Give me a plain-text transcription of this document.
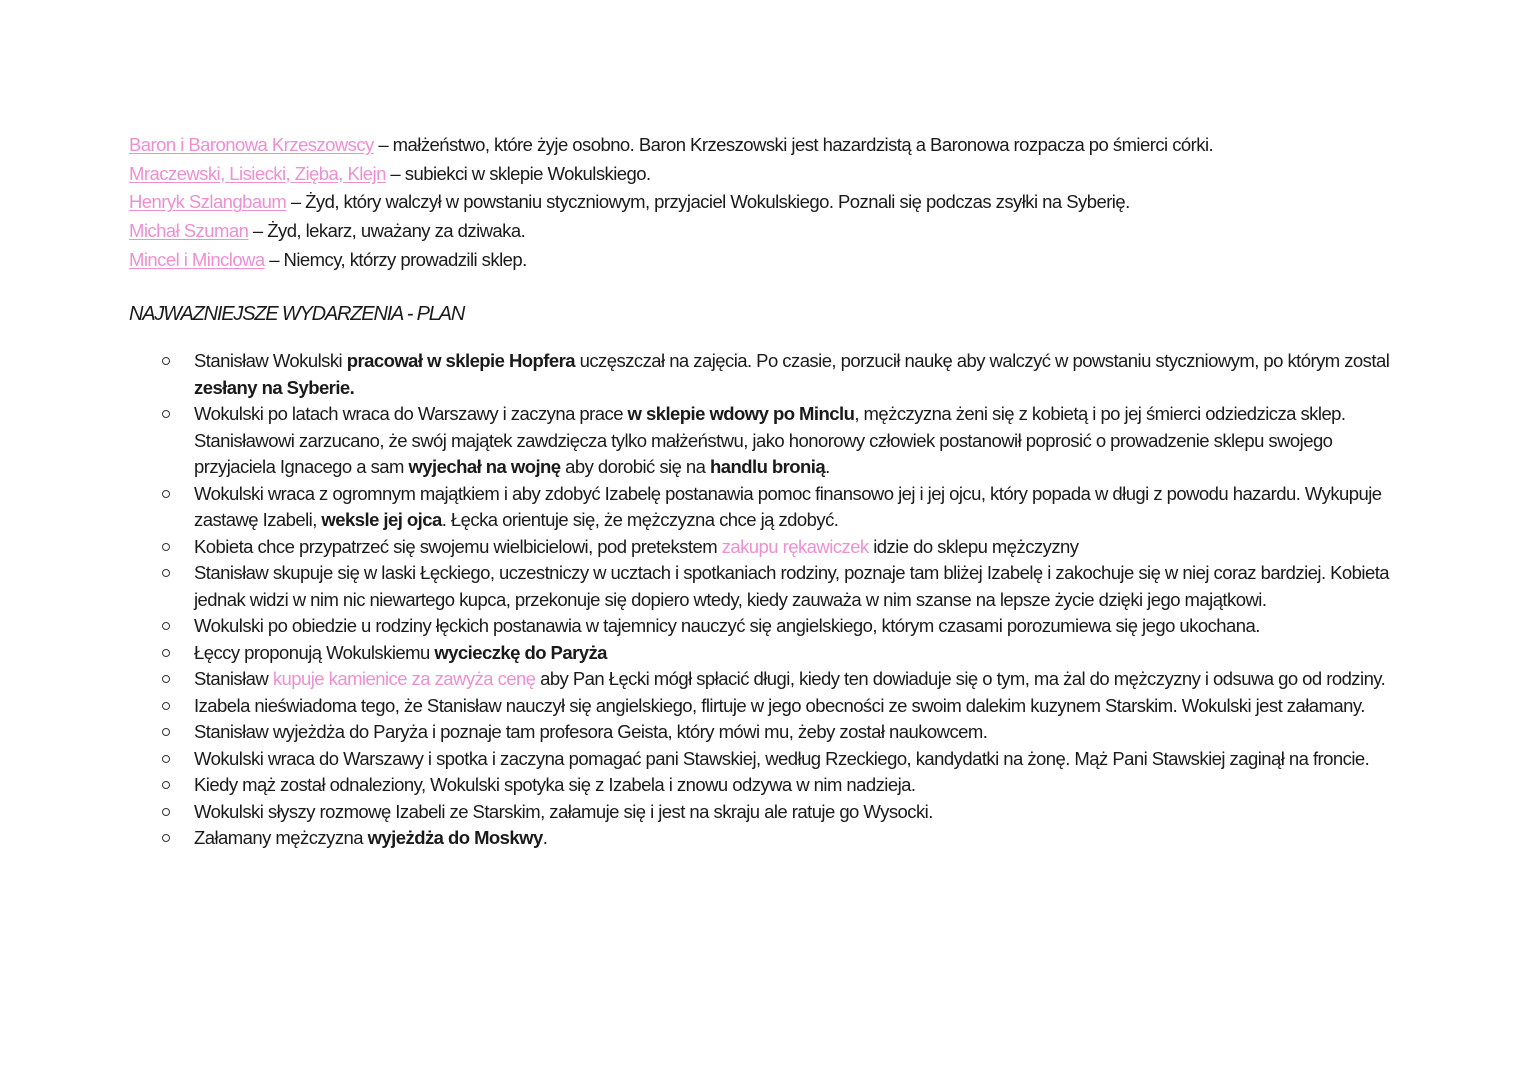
Baron i Baronowa Krzeszowscy – małżeństwo, które żyje osobno. Baron Krzeszowski jest hazardzistą a Baronowa rozpacza po śmierci córki.
Mraczewski, Lisiecki, Zięba, Klejn – subiekci w sklepie Wokulskiego.
Henryk Szlangbaum – Żyd, który walczył w powstaniu styczniowym, przyjaciel Wokulskiego. Poznali się podczas zsyłki na Syberię.
Michał Szuman – Żyd, lekarz, uważany za dziwaka.
Mincel i Minclowa – Niemcy, którzy prowadzili sklep.
NAJWAZNIEJSZE WYDARZENIA - PLAN
Stanisław Wokulski pracował w sklepie Hopfera uczęszczał na zajęcia. Po czasie, porzucił naukę aby walczyć w powstaniu styczniowym, po którym zostal zesłany na Syberie.
Wokulski po latach wraca do Warszawy i zaczyna prace w sklepie wdowy po Minclu, mężczyzna żeni się z kobietą i po jej śmierci odziedzicza sklep. Stanisławowi zarzucano, że swój majątek zawdzięcza tylko małżeństwu, jako honorowy człowiek postanowił poprosić o prowadzenie sklepu swojego przyjaciela Ignacego a sam wyjechał na wojnę aby dorobić się na handlu bronią.
Wokulski wraca z ogromnym majątkiem i aby zdobyć Izabelę postanawia pomoc finansowo jej i jej ojcu, który popada w długi z powodu hazardu. Wykupuje zastawę Izabeli, weksle jej ojca. Łęcka orientuje się, że mężczyzna chce ją zdobyć.
Kobieta chce przypatrzeć się swojemu wielbicielowi, pod pretekstem zakupu rękawiczek idzie do sklepu mężczyzny
Stanisław skupuje się w laski Łęckiego, uczestniczy w ucztach i spotkaniach rodziny, poznaje tam bliżej Izabelę i zakochuje się w niej coraz bardziej. Kobieta jednak widzi w nim nic niewartego kupca, przekonuje się dopiero wtedy, kiedy zauważa w nim szanse na lepsze życie dzięki jego majątkowi.
Wokulski po obiedzie u rodziny łęckich postanawia w tajemnicy nauczyć się angielskiego, którym czasami porozumiewa się jego ukochana.
Łęccy proponują Wokulskiemu wycieczkę do Paryża
Stanisław kupuje kamienice za zawyża cenę aby Pan Łęcki mógł spłacić długi, kiedy ten dowiaduje się o tym, ma żal do mężczyzny i odsuwa go od rodziny.
Izabela nieświadoma tego, że Stanisław nauczył się angielskiego, flirtuje w jego obecności ze swoim dalekim kuzynem Starskim. Wokulski jest załamany.
Stanisław wyjeżdża do Paryża i poznaje tam profesora Geista, który mówi mu, żeby został naukowcem.
Wokulski wraca do Warszawy i spotka i zaczyna pomagać pani Stawskiej, według Rzeckiego, kandydatki na żonę. Mąż Pani Stawskiej zaginął na froncie.
Kiedy mąż został odnaleziony, Wokulski spotyka się z Izabela i znowu odzywa w nim nadzieja.
Wokulski słyszy rozmowę Izabeli ze Starskim, załamuje się i jest na skraju ale ratuje go Wysocki.
Załamany mężczyzna wyjeżdża do Moskwy.
